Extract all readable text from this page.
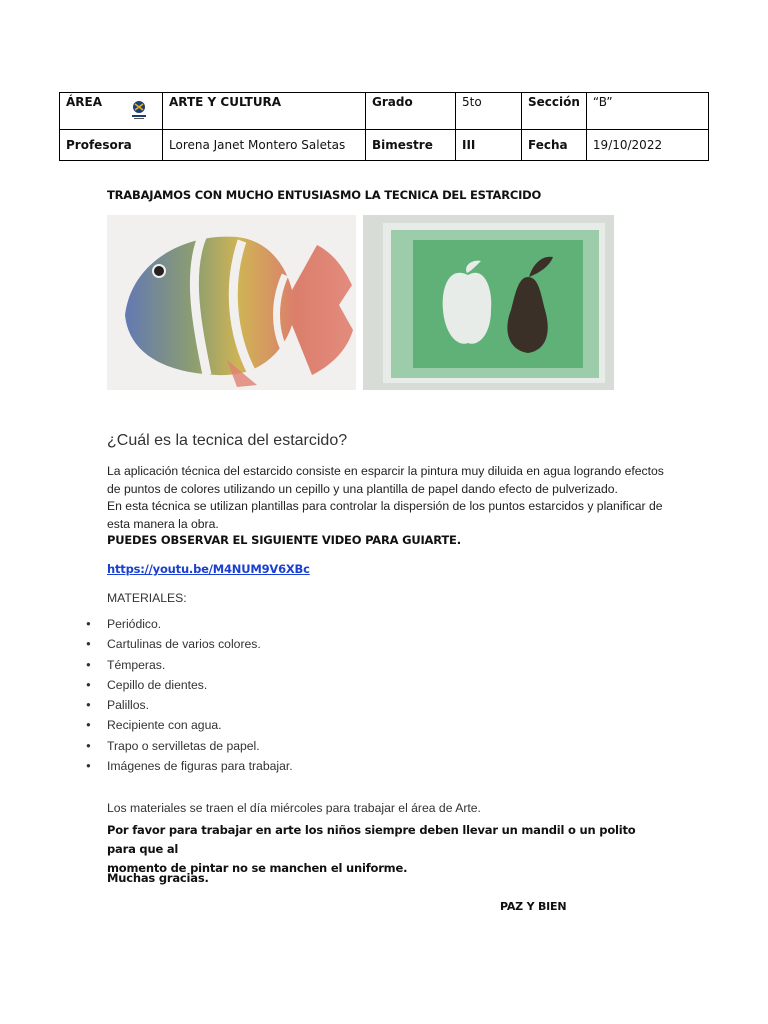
ÁREA	ARTE Y CULTURA	Grado	5to	Sección	“B”
Profesora	Lorena Janet Montero Saletas	Bimestre	III	Fecha	19/10/2022
TRABAJAMOS CON MUCHO ENTUSIASMO LA TECNICA DEL ESTARCIDO
¿Cuál es la tecnica del estarcido?

La aplicación técnica del estarcido consiste en esparcir la pintura muy diluida en agua logrando efectos

de puntos de colores utilizando un cepillo y una plantilla de papel dando efecto de pulverizado.

En esta técnica se utilizan plantillas para controlar la dispersión de los puntos estarcidos y planificar de

esta manera la obra.

PUEDES OBSERVAR EL SIGUIENTE VIDEO PARA GUIARTE.
https://youtu.be/M4NUM9V6XBc
MATERIALES:
●	Periódico.
●	Cartulinas de varios colores.
●	Témperas.
●	Cepillo de dientes.
●	Palillos.
●	Recipiente con agua.
●	Trapo o servilletas de papel.
●	Imágenes de figuras para trabajar.
Los materiales se traen el día miércoles para trabajar el área de Arte.
Por favor para trabajar en arte los niños siempre deben llevar un mandil o un polito para que al
momento de pintar no se manchen el uniforme.
Muchas gracias.
PAZ Y BIEN
